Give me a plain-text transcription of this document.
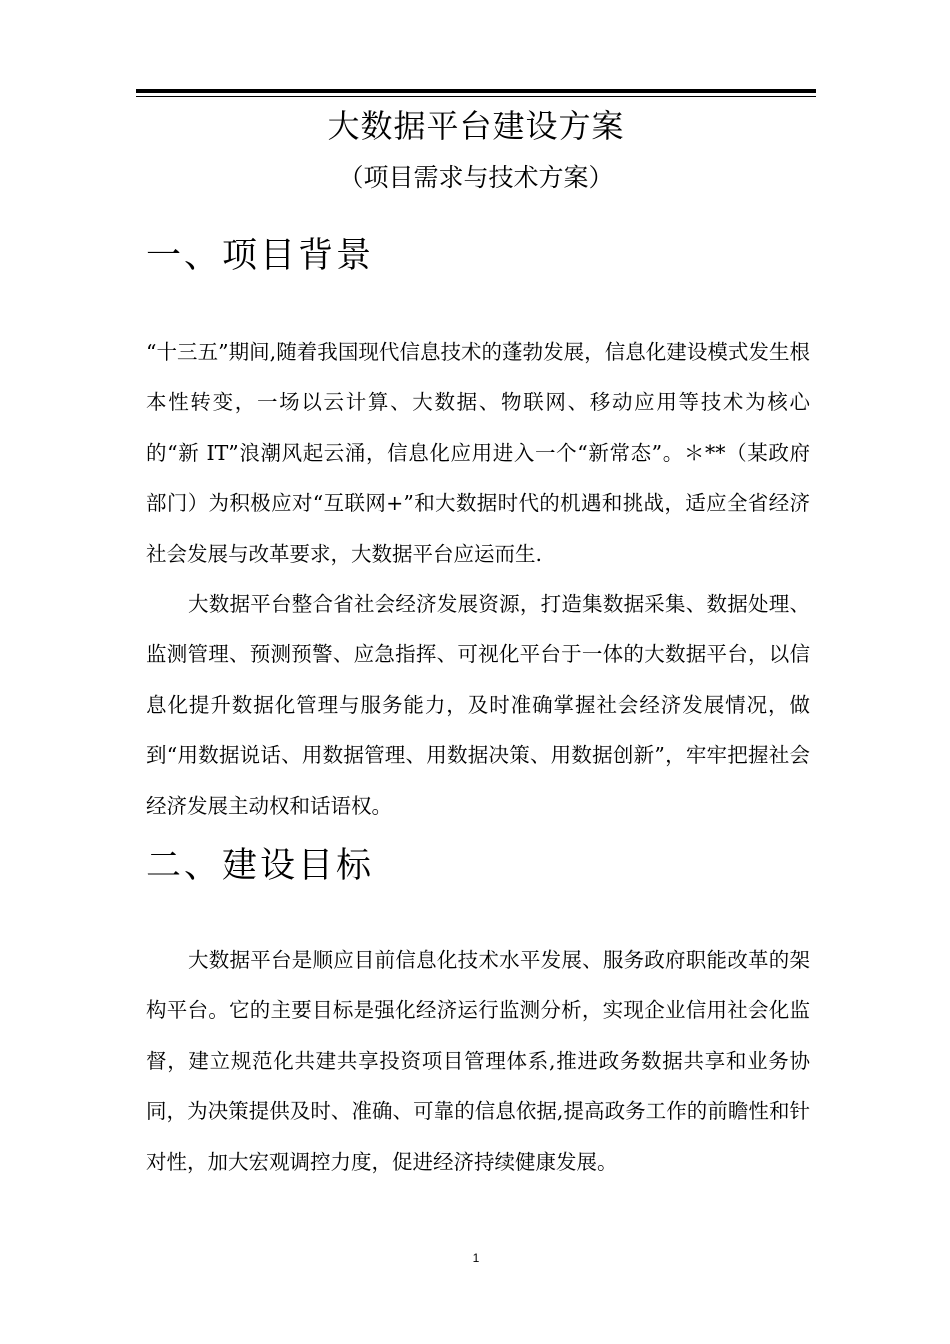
大数据平台建设方案
（项目需求与技术方案）
一、项目背景

“十三五”期间,随着我国现代信息技术的蓬勃发展，信息化建设模式发生根本性转变，一场以云计算、大数据、物联网、移动应用等技术为核心的“新 IT”浪潮风起云涌，信息化应用进入一个“新常态”。＊**（某政府部门）为积极应对“互联网+”和大数据时代的机遇和挑战，适应全省经济社会发展与改革要求，大数据平台应运而生.

大数据平台整合省社会经济发展资源，打造集数据采集、数据处理、监测管理、预测预警、应急指挥、可视化平台于一体的大数据平台，以信息化提升数据化管理与服务能力，及时准确掌握社会经济发展情况，做到“用数据说话、用数据管理、用数据决策、用数据创新”，牢牢把握社会经济发展主动权和话语权。

二、建设目标

大数据平台是顺应目前信息化技术水平发展、服务政府职能改革的架构平台。它的主要目标是强化经济运行监测分析，实现企业信用社会化监督，建立规范化共建共享投资项目管理体系,推进政务数据共享和业务协同，为决策提供及时、准确、可靠的信息依据,提高政务工作的前瞻性和针对性，加大宏观调控力度，促进经济持续健康发展。

1
